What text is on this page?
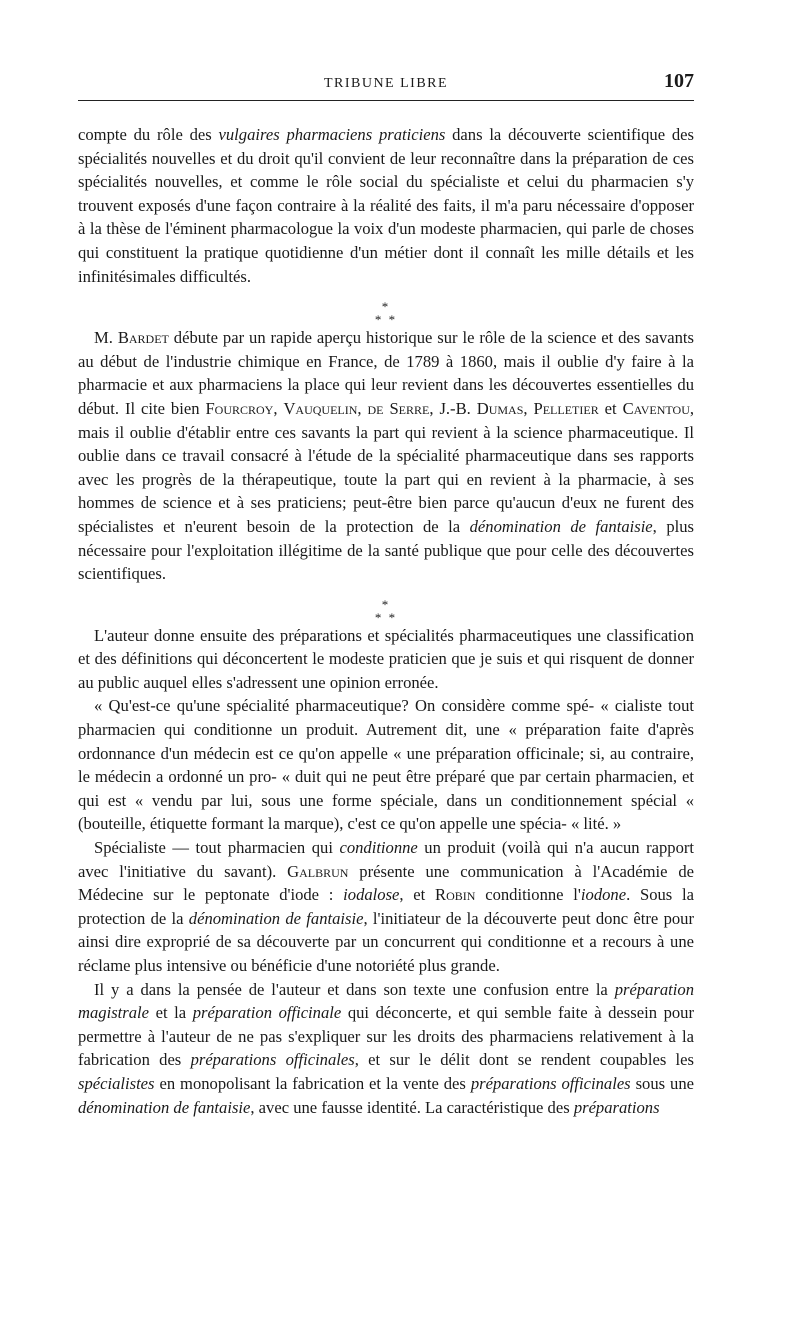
TRIBUNE LIBRE	107

compte du rôle des vulgaires pharmaciens praticiens dans la découverte scientifique des spécialités nouvelles et du droit qu'il convient de leur reconnaître dans la préparation de ces spécialités nouvelles, et comme le rôle social du spécialiste et celui du pharmacien s'y trouvent exposés d'une façon contraire à la réalité des faits, il m'a paru nécessaire d'opposer à la thèse de l'éminent pharmacologue la voix d'un modeste pharmacien, qui parle de choses qui constituent la pratique quotidienne d'un métier dont il connaît les mille détails et les infinitésimales difficultés.

*
* *

M. Bardet débute par un rapide aperçu historique sur le rôle de la science et des savants au début de l'industrie chimique en France, de 1789 à 1860, mais il oublie d'y faire à la pharmacie et aux pharmaciens la place qui leur revient dans les découvertes essentielles du début. Il cite bien Fourcroy, Vauquelin, de Serre, J.-B. Dumas, Pelletier et Caventou, mais il oublie d'établir entre ces savants la part qui revient à la science pharmaceutique. Il oublie dans ce travail consacré à l'étude de la spécialité pharmaceutique dans ses rapports avec les progrès de la thérapeutique, toute la part qui en revient à la pharmacie, à ses hommes de science et à ses praticiens; peut-être bien parce qu'aucun d'eux ne furent des spécialistes et n'eurent besoin de la protection de la dénomination de fantaisie, plus nécessaire pour l'exploitation illégitime de la santé publique que pour celle des découvertes scientifiques.

*
* *

L'auteur donne ensuite des préparations et spécialités pharmaceutiques une classification et des définitions qui déconcertent le modeste praticien que je suis et qui risquent de donner au public auquel elles s'adressent une opinion erronée.

« Qu'est-ce qu'une spécialité pharmaceutique? On considère comme spé- « cialiste tout pharmacien qui conditionne un produit. Autrement dit, une « préparation faite d'après ordonnance d'un médecin est ce qu'on appelle « une préparation officinale; si, au contraire, le médecin a ordonné un pro- « duit qui ne peut être préparé que par certain pharmacien, et qui est « vendu par lui, sous une forme spéciale, dans un conditionnement spécial « (bouteille, étiquette formant la marque), c'est ce qu'on appelle une spécia- « lité. »

Spécialiste — tout pharmacien qui conditionne un produit (voilà qui n'a aucun rapport avec l'initiative du savant). Galbrun présente une communication à l'Académie de Médecine sur le peptonate d'iode : iodalose, et Robin conditionne l'iodone. Sous la protection de la dénomination de fantaisie, l'initiateur de la découverte peut donc être pour ainsi dire exproprié de sa découverte par un concurrent qui conditionne et a recours à une réclame plus intensive ou bénéficie d'une notoriété plus grande.

Il y a dans la pensée de l'auteur et dans son texte une confusion entre la préparation magistrale et la préparation officinale qui déconcerte, et qui semble faite à dessein pour permettre à l'auteur de ne pas s'expliquer sur les droits des pharmaciens relativement à la fabrication des préparations officinales, et sur le délit dont se rendent coupables les spécialistes en monopolisant la fabrication et la vente des préparations officinales sous une dénomination de fantaisie, avec une fausse identité. La caractéristique des préparations
